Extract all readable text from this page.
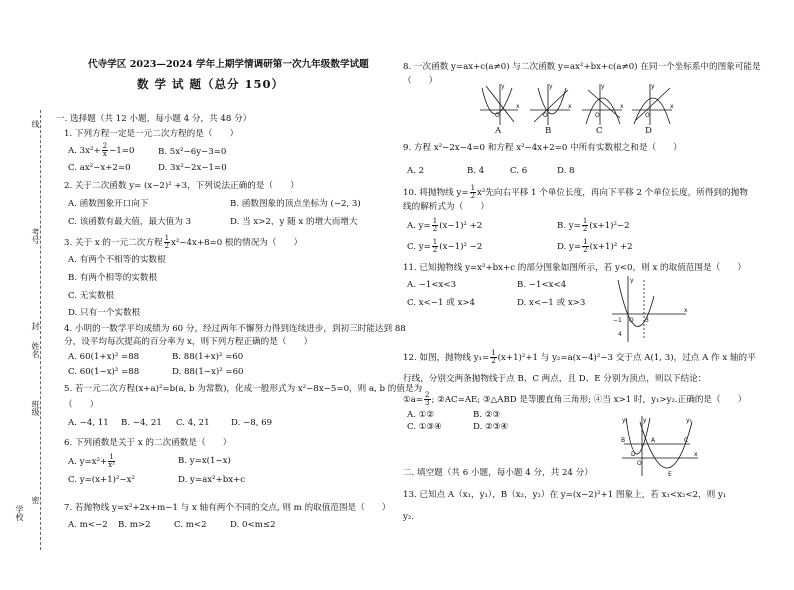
线
考号
封
姓名
班级
密
学校
代寺学区 2023—2024 学年上期学情调研第一次九年级数学试题
数 学 试 题（总分 150）
一. 选择题（共 12 小题，每小题 4 分，共 48 分）
1. 下列方程一定是一元二次方程的是（　　）
A. $3x^2+ \frac{2}{x} -1=0$	B. 5x²−6y−3=0
C. ax²−x+2=0	D. 3x²−2x−1=0
2. 关于二次函数 y= (x−2)² +3，下列说法正确的是（　　）
A. 函数图象开口向下	B. 函数图象的顶点坐标为 (−2, 3)
C. 该函数有最大值，最大值为 3	D. 当 x>2，y 随 x 的增大而增大
3. 关于 x 的一元二次方程 $\frac{1}{2} x^2-4x+8=0$ 根的情况为（　　）
A. 有两个不相等的实数根
B. 有两个相等的实数根
C. 无实数根
D. 只有一个实数根
4. 小明的一数学平均成绩为 60 分，经过两年不懈努力得到连续进步，到初三时能达到 88
分，设平均每次提高的百分率为 x，则下列方程正确的是（　　）
A. 60(1+x)² =88	B. 88(1+x)² =60
C. 60(1−x)² =88	D. 88(1−x)² =60
5. 若一元二次方程(x+a)²=b(a, b 为常数)，化成一般形式为 x²−8x−5=0，则 a, b 的值是为
（　　）
A. −4, 11 B. −4, 21 C. 4, 21 D. −8, 69
6. 下列函数是关于 x 的二次函数是（　　）
A. $y=x^2+ \frac{1}{\text{x²}}$	B. y=x(1−x)
C. y=(x+1)²−x²	D. y=ax²+bx+c
7. 若抛物线 y=x²+2x+m−1 与 x 轴有两个不同的交点, 则 m 的取值范围是（　　）
A. m<−2 B. m>2	C. m<2	D. 0<m≤2
8. 一次函数 y=ax+c(a≠0) 与二次函数 y=ax²+bx+c(a≠0) 在同一个坐标系中的图象可能是
（　　）
y
x
O
y
x
O
y
x
O
y
x
O
A	B	C	D
9. 方程 x²−2x−4=0 和方程 x²−4x+2=0 中所有实数根之和是（　　）
A. 2	B. 4	C. 6	D. 8
10. 将抛物线 $y= \frac{1}{2} x^2$先向右平移 1 个单位长度，再向下平移 2 个单位长度，所得到的抛物
线的解析式为（　　）
A. $y= \frac{1}{2} (x-1)^2 +2$	B. $y= \frac{1}{2} (x+1)^2-2$
C. $y= \frac{1}{2} (x-1)^2 -2$	D. $y= \frac{1}{2} (x+1)^2 +2$
11. 已知抛物线 y=x²+bx+c 的部分图象如图所示，若 y<0，则 x 的取值范围是（　　）
A. −1<x<3	B. −1<x<4
C. x<−1 或 x>4	D. x<−1 或 x>3
y
x
O
−1	3
4
12. 如图，抛物线 $y_1= \frac{1}{2} (x+1)^2+1$ 与 y₂=a(x−4)²−3 交于点 A(1, 3)，过点 A 作 x 轴的平
行线，分别交两条抛物线于点 B、C 两点，且 D、E 分别为顶点，则以下结论：
①a= $\frac{2}{3}$ ; ②AC=AE; ③△ABD 是等腰直角三角形; ④当 x>1 时，y₁>y₂.正确的是（　　）
A. ①②	B. ②③
C. ①③④	D. ②③④
y
x
O
A
B	C
D
E
y₁	y₂
二. 填空题（共 6 小题，每小题 4 分，共 24 分）
13. 已知点 A（x₁，y₁），B（x₂，y₂）在 y=(x−2)²+1 图象上，若 x₁<x₂<2，则 y₁
y₂.
